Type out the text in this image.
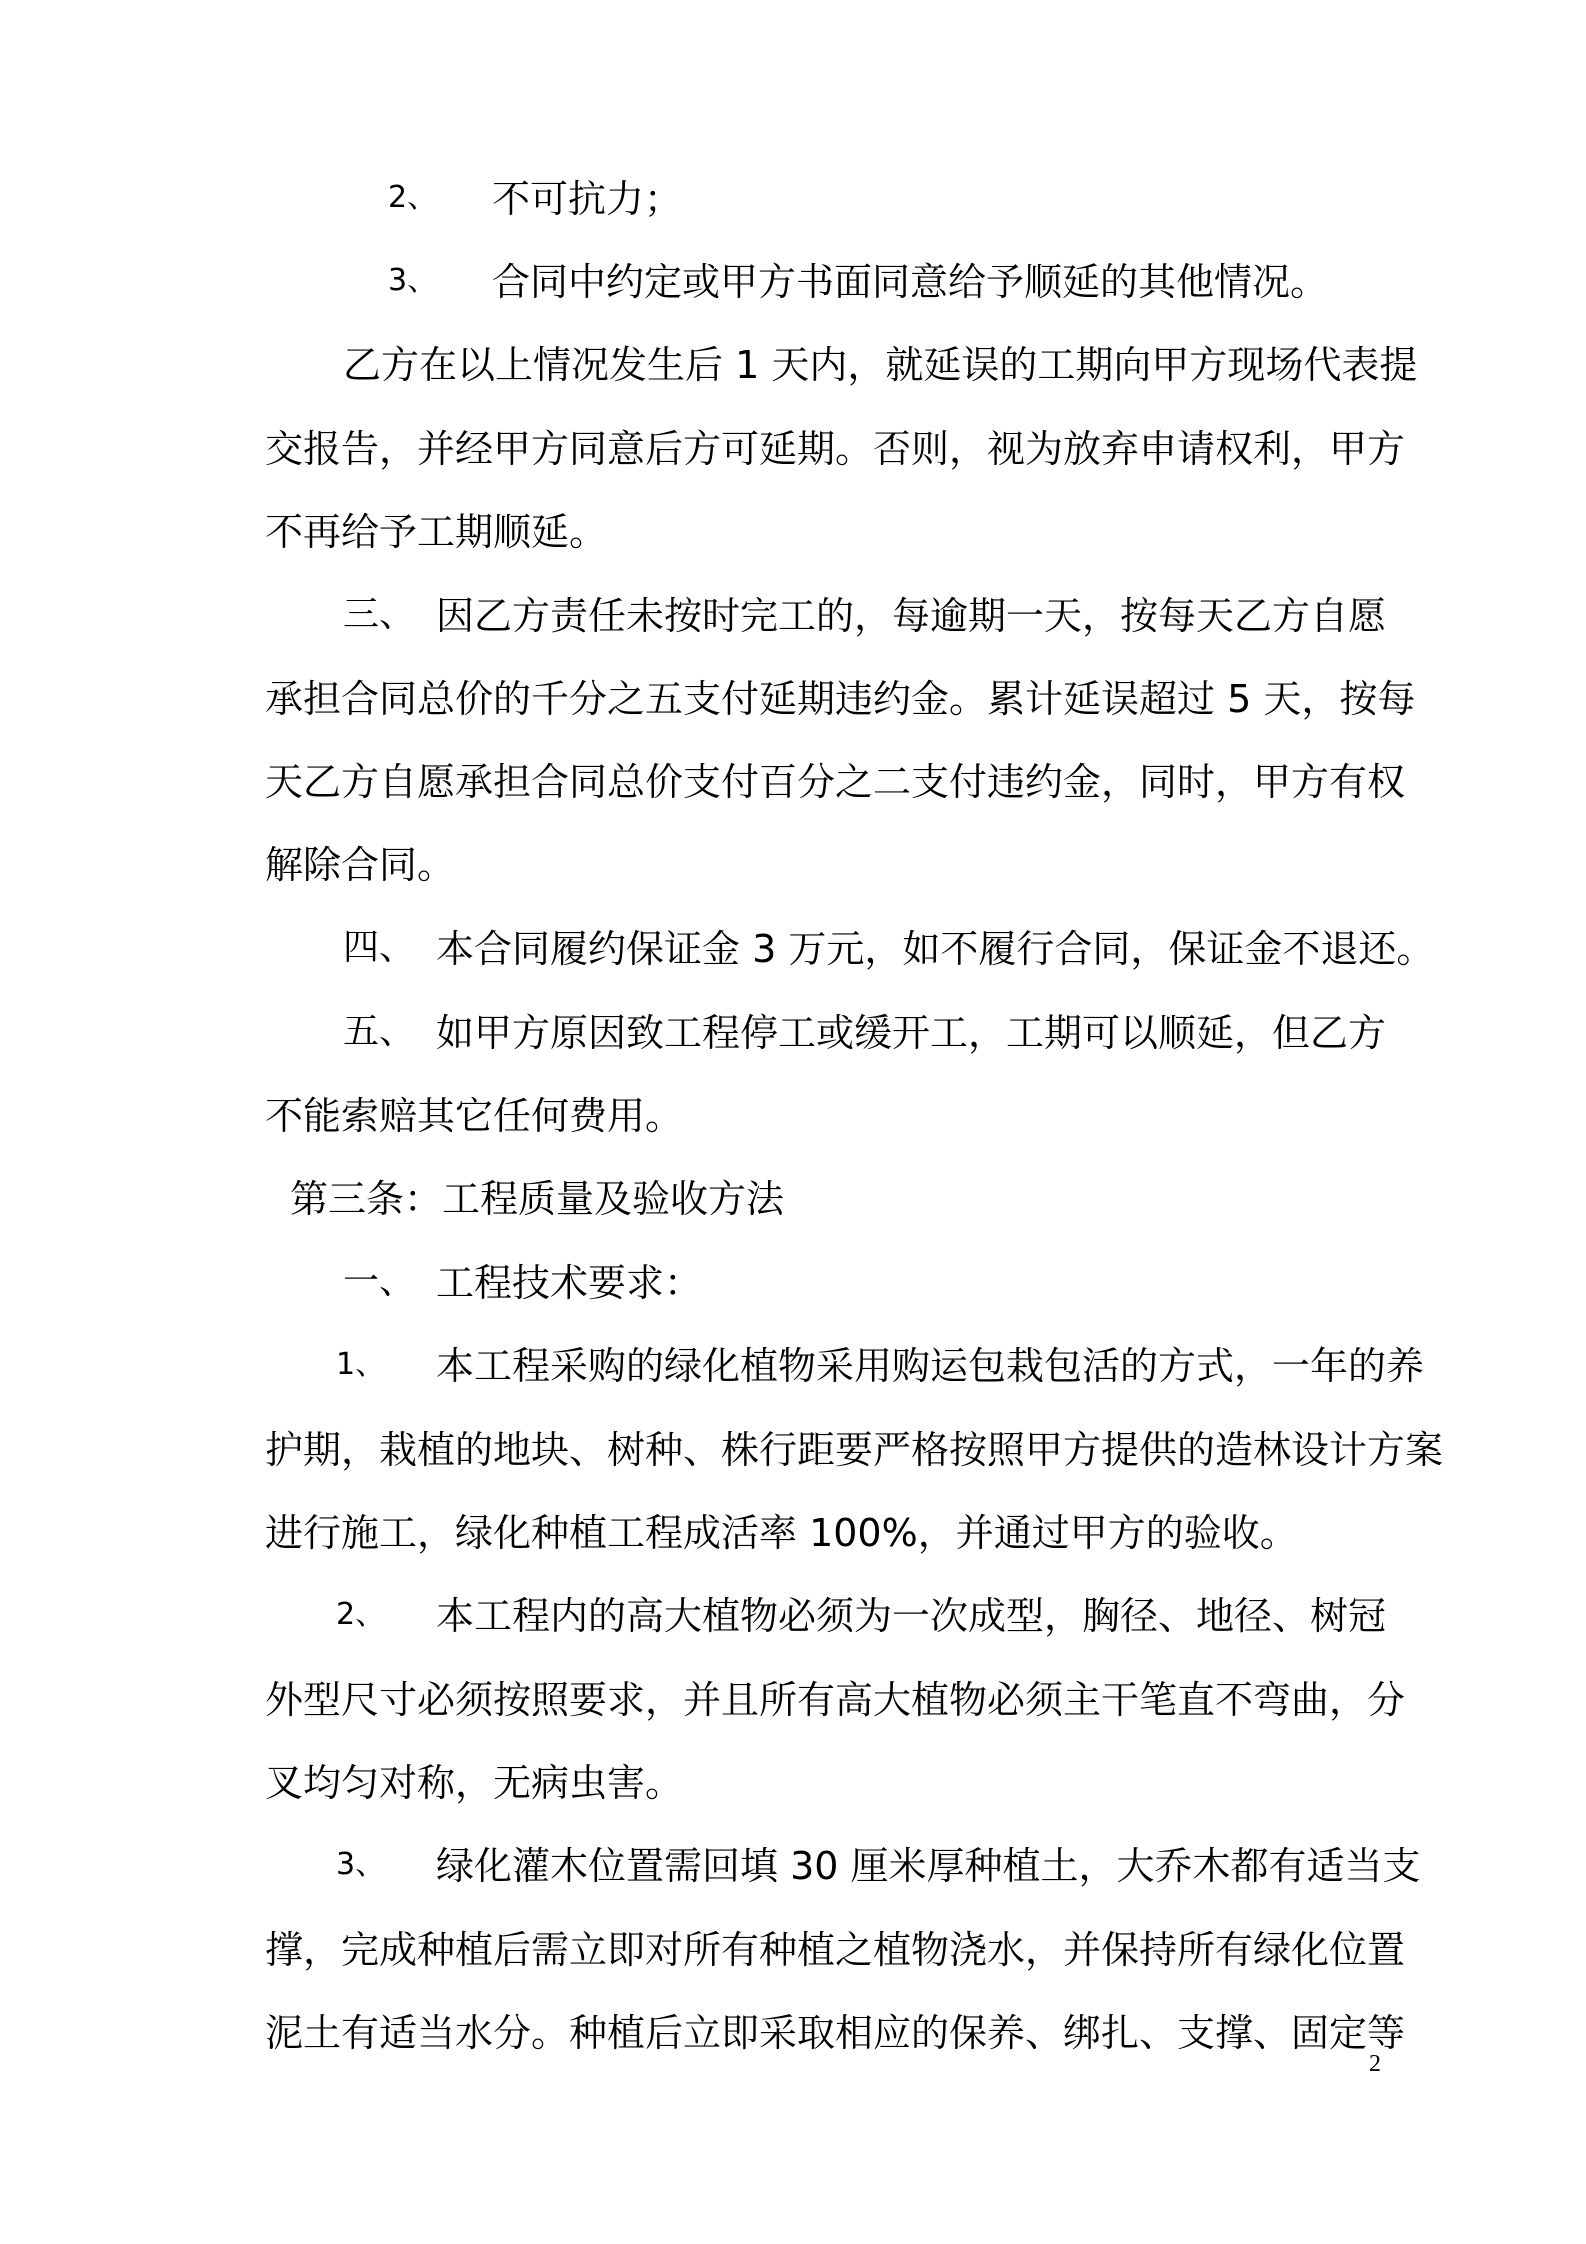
2、 不可抗力；
3、 合同中约定或甲方书面同意给予顺延的其他情况。
乙方在以上情况发生后 1 天内，就延误的工期向甲方现场代表提
交报告，并经甲方同意后方可延期。否则，视为放弃申请权利，甲方
不再给予工期顺延。
三、 因乙方责任未按时完工的，每逾期一天，按每天乙方自愿
承担合同总价的千分之五支付延期违约金。累计延误超过 5 天，按每
天乙方自愿承担合同总价支付百分之二支付违约金，同时，甲方有权
解除合同。
四、 本合同履约保证金 3 万元，如不履行合同，保证金不退还。
五、 如甲方原因致工程停工或缓开工，工期可以顺延，但乙方
不能索赔其它任何费用。
第三条：工程质量及验收方法
一、 工程技术要求：
1、 本工程采购的绿化植物采用购运包栽包活的方式，一年的养
护期，栽植的地块、树种、株行距要严格按照甲方提供的造林设计方案
进行施工，绿化种植工程成活率 100%，并通过甲方的验收。
2、 本工程内的高大植物必须为一次成型，胸径、地径、树冠
外型尺寸必须按照要求，并且所有高大植物必须主干笔直不弯曲，分
叉均匀对称，无病虫害。
3、 绿化灌木位置需回填 30 厘米厚种植土，大乔木都有适当支
撑，完成种植后需立即对所有种植之植物浇水，并保持所有绿化位置
泥土有适当水分。种植后立即采取相应的保养、绑扎、支撑、固定等
2
